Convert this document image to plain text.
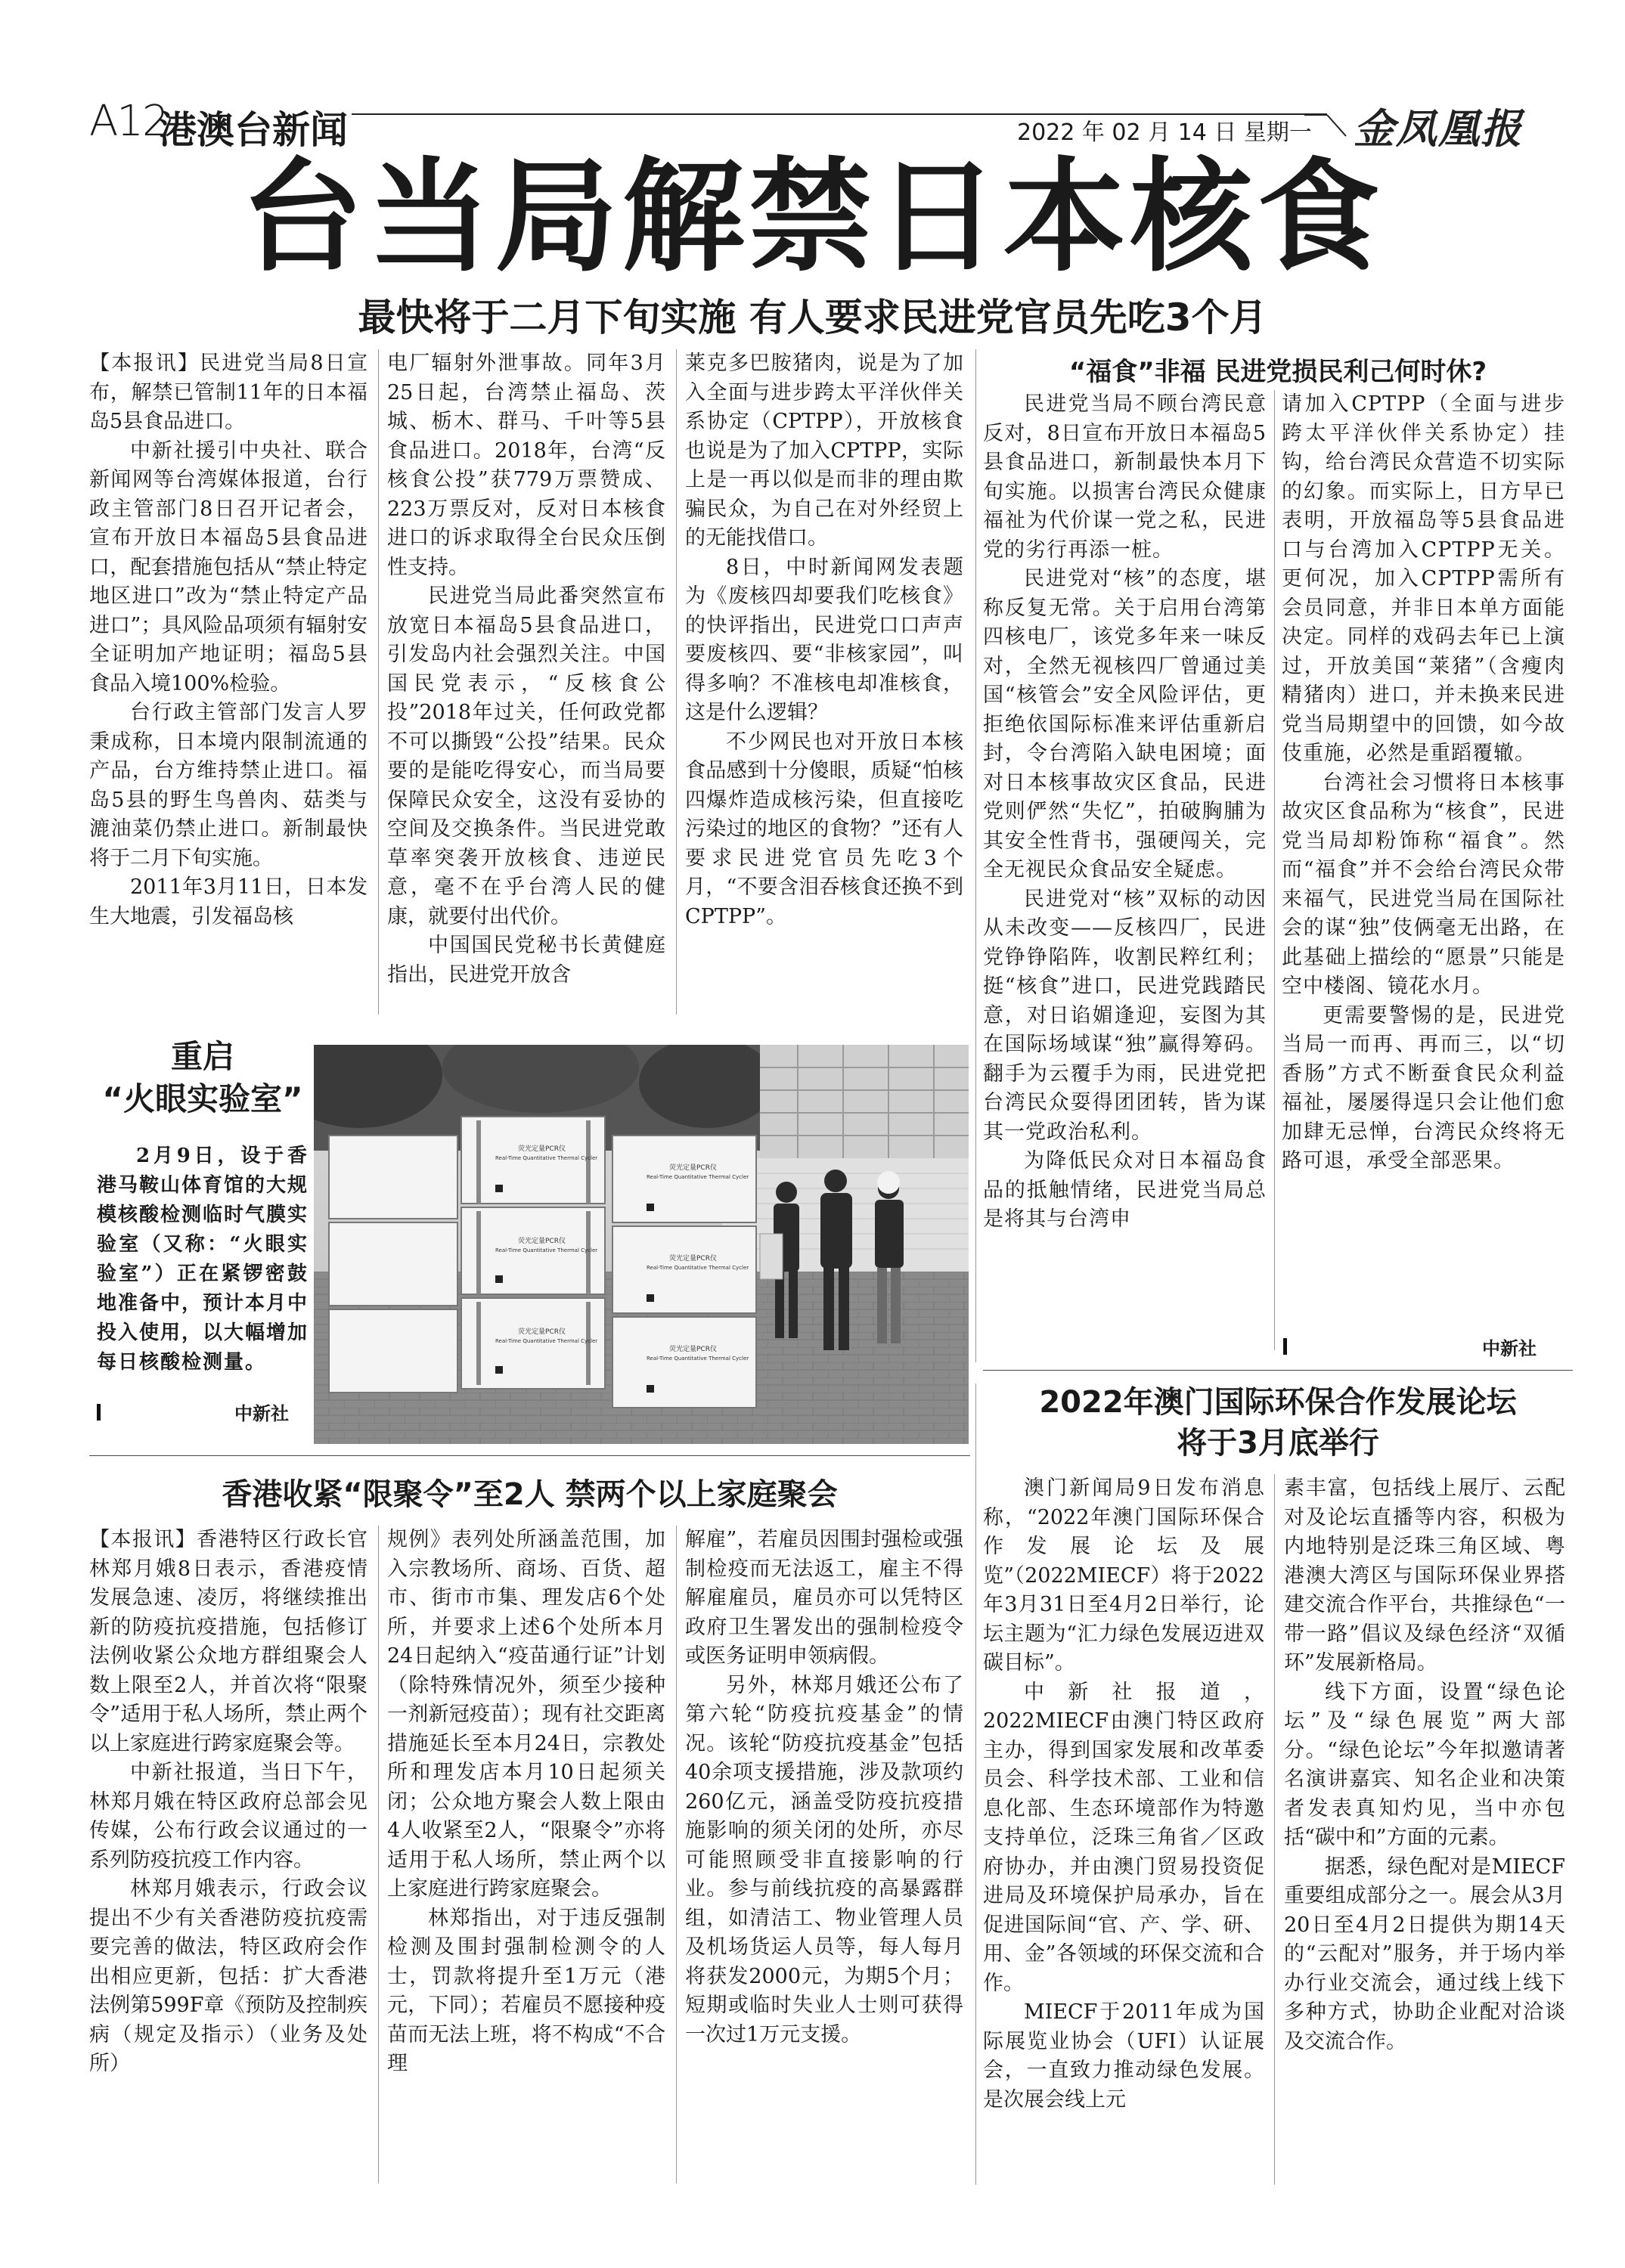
A12
港澳台新闻	2022 年 02 月 14 日 星期一 金凤凰报
台当局解禁日本核食
最快将于二月下旬实施 有人要求民进党官员先吃3个月

【本报讯】民进党当局8日宣布，解禁已管制11年的日本福岛5县食品进口。

中新社援引中央社、联合新闻网等台湾媒体报道，台行政主管部门8日召开记者会，宣布开放日本福岛5县食品进口，配套措施包括从“禁止特定地区进口”改为“禁止特定产品进口”；具风险品项须有辐射安全证明加产地证明；福岛5县食品入境100%检验。

台行政主管部门发言人罗秉成称，日本境内限制流通的产品，台方维持禁止进口。福岛5县的野生鸟兽肉、菇类与漉油菜仍禁止进口。新制最快将于二月下旬实施。

2011年3月11日，日本发生大地震，引发福岛核

电厂辐射外泄事故。同年3月25日起，台湾禁止福岛、茨城、栃木、群马、千叶等5县食品进口。2018年，台湾“反核食公投”获779万票赞成、223万票反对，反对日本核食进口的诉求取得全台民众压倒性支持。

民进党当局此番突然宣布放宽日本福岛5县食品进口，引发岛内社会强烈关注。中国国民党表示，“反核食公投”2018年过关，任何政党都不可以撕毁“公投”结果。民众要的是能吃得安心，而当局要保障民众安全，这没有妥协的空间及交换条件。当民进党敢草率突袭开放核食、违逆民意，毫不在乎台湾人民的健康，就要付出代价。

中国国民党秘书长黄健庭指出，民进党开放含

莱克多巴胺猪肉，说是为了加入全面与进步跨太平洋伙伴关系协定（CPTPP），开放核食也说是为了加入CPTPP，实际上是一再以似是而非的理由欺骗民众，为自己在对外经贸上的无能找借口。

8日，中时新闻网发表题为《废核四却要我们吃核食》的快评指出，民进党口口声声要废核四、要“非核家园”，叫得多响？不准核电却准核食，这是什么逻辑？

不少网民也对开放日本核食品感到十分傻眼，质疑“怕核四爆炸造成核污染，但直接吃污染过的地区的食物？”还有人要求民进党官员先吃3个月，“不要含泪吞核食还换不到CPTPP”。

“福食”非福 民进党损民利己何时休?

民进党当局不顾台湾民意反对，8日宣布开放日本福岛5县食品进口，新制最快本月下旬实施。以损害台湾民众健康福祉为代价谋一党之私，民进党的劣行再添一桩。

民进党对“核”的态度，堪称反复无常。关于启用台湾第四核电厂，该党多年来一味反对，全然无视核四厂曾通过美国“核管会”安全风险评估，更拒绝依国际标准来评估重新启封，令台湾陷入缺电困境；面对日本核事故灾区食品，民进党则俨然“失忆”，拍破胸脯为其安全性背书，强硬闯关，完全无视民众食品安全疑虑。

民进党对“核”双标的动因从未改变——反核四厂，民进党铮铮陷阵，收割民粹红利；挺“核食”进口，民进党践踏民意，对日谄媚逢迎，妄图为其在国际场域谋“独”赢得筹码。翻手为云覆手为雨，民进党把台湾民众耍得团团转，皆为谋其一党政治私利。

为降低民众对日本福岛食品的抵触情绪，民进党当局总是将其与台湾申

请加入CPTPP（全面与进步跨太平洋伙伴关系协定）挂钩，给台湾民众营造不切实际的幻象。而实际上，日方早已表明，开放福岛等5县食品进口与台湾加入CPTPP无关。更何况，加入CPTPP需所有会员同意，并非日本单方面能决定。同样的戏码去年已上演过，开放美国“莱猪”（含瘦肉精猪肉）进口，并未换来民进党当局期望中的回馈，如今故伎重施，必然是重蹈覆辙。

台湾社会习惯将日本核事故灾区食品称为“核食”，民进党当局却粉饰称“福食”。然而“福食”并不会给台湾民众带来福气，民进党当局在国际社会的谋“独”伎俩毫无出路，在此基础上描绘的“愿景”只能是空中楼阁、镜花水月。

更需要警惕的是，民进党当局一而再、再而三，以“切香肠”方式不断蚕食民众利益福祉，屡屡得逞只会让他们愈加肆无忌惮，台湾民众终将无路可退，承受全部恶果。

中新社
重启
“火眼实验室”

2月9日，设于香港马鞍山体育馆的大规模核酸检测临时气膜实验室（又称：“火眼实验室”）正在紧锣密鼓地准备中，预计本月中投入使用，以大幅增加每日核酸检测量。

中新社
荧光定量PCR仪
Real-Time Quantitative Thermal Cycler
荧光定量PCR仪
Real-Time Quantitative Thermal Cycler
荧光定量PCR仪
Real-Time Quantitative Thermal Cycler
荧光定量PCR仪
Real-Time Quantitative Thermal Cycler
荧光定量PCR仪
Real-Time Quantitative Thermal Cycler
荧光定量PCR仪
Real-Time Quantitative Thermal Cycler
香港收紧“限聚令”至2人 禁两个以上家庭聚会

【本报讯】香港特区行政长官林郑月娥8日表示，香港疫情发展急速、凌厉，将继续推出新的防疫抗疫措施，包括修订法例收紧公众地方群组聚会人数上限至2人，并首次将“限聚令”适用于私人场所，禁止两个以上家庭进行跨家庭聚会等。

中新社报道，当日下午，林郑月娥在特区政府总部会见传媒，公布行政会议通过的一系列防疫抗疫工作内容。

林郑月娥表示，行政会议提出不少有关香港防疫抗疫需要完善的做法，特区政府会作出相应更新，包括：扩大香港法例第599F章《预防及控制疾病（规定及指示）（业务及处所）

规例》表列处所涵盖范围，加入宗教场所、商场、百货、超市、街市市集、理发店6个处所，并要求上述6个处所本月24日起纳入“疫苗通行证”计划（除特殊情况外，须至少接种一剂新冠疫苗）；现有社交距离措施延长至本月24日，宗教处所和理发店本月10日起须关闭；公众地方聚会人数上限由4人收紧至2人，“限聚令”亦将适用于私人场所，禁止两个以上家庭进行跨家庭聚会。

林郑指出，对于违反强制检测及围封强制检测令的人士，罚款将提升至1万元（港元，下同）；若雇员不愿接种疫苗而无法上班，将不构成“不合理

解雇”，若雇员因围封强检或强制检疫而无法返工，雇主不得解雇雇员，雇员亦可以凭特区政府卫生署发出的强制检疫令或医务证明申领病假。

另外，林郑月娥还公布了第六轮“防疫抗疫基金”的情况。该轮“防疫抗疫基金”包括40余项支援措施，涉及款项约260亿元，涵盖受防疫抗疫措施影响的须关闭的处所，亦尽可能照顾受非直接影响的行业。参与前线抗疫的高暴露群组，如清洁工、物业管理人员及机场货运人员等，每人每月将获发2000元，为期5个月；短期或临时失业人士则可获得一次过1万元支援。

2022年澳门国际环保合作发展论坛
将于3月底举行

澳门新闻局9日发布消息称，“2022年澳门国际环保合作发展论坛及展览”（2022MIECF）将于2022年3月31日至4月2日举行，论坛主题为“汇力绿色发展迈进双碳目标”。

中新社报道，2022MIECF由澳门特区政府主办，得到国家发展和改革委员会、科学技术部、工业和信息化部、生态环境部作为特邀支持单位，泛珠三角省／区政府协办，并由澳门贸易投资促进局及环境保护局承办，旨在促进国际间“官、产、学、研、用、金”各领域的环保交流和合作。

MIECF于2011年成为国际展览业协会（UFI）认证展会，一直致力推动绿色发展。是次展会线上元

素丰富，包括线上展厅、云配对及论坛直播等内容，积极为内地特别是泛珠三角区域、粤港澳大湾区与国际环保业界搭建交流合作平台，共推绿色“一带一路”倡议及绿色经济“双循环”发展新格局。

线下方面，设置“绿色论坛”及“绿色展览”两大部分。“绿色论坛”今年拟邀请著名演讲嘉宾、知名企业和决策者发表真知灼见，当中亦包括“碳中和”方面的元素。

据悉，绿色配对是MIECF重要组成部分之一。展会从3月20日至4月2日提供为期14天的“云配对”服务，并于场内举办行业交流会，通过线上线下多种方式，协助企业配对洽谈及交流合作。
